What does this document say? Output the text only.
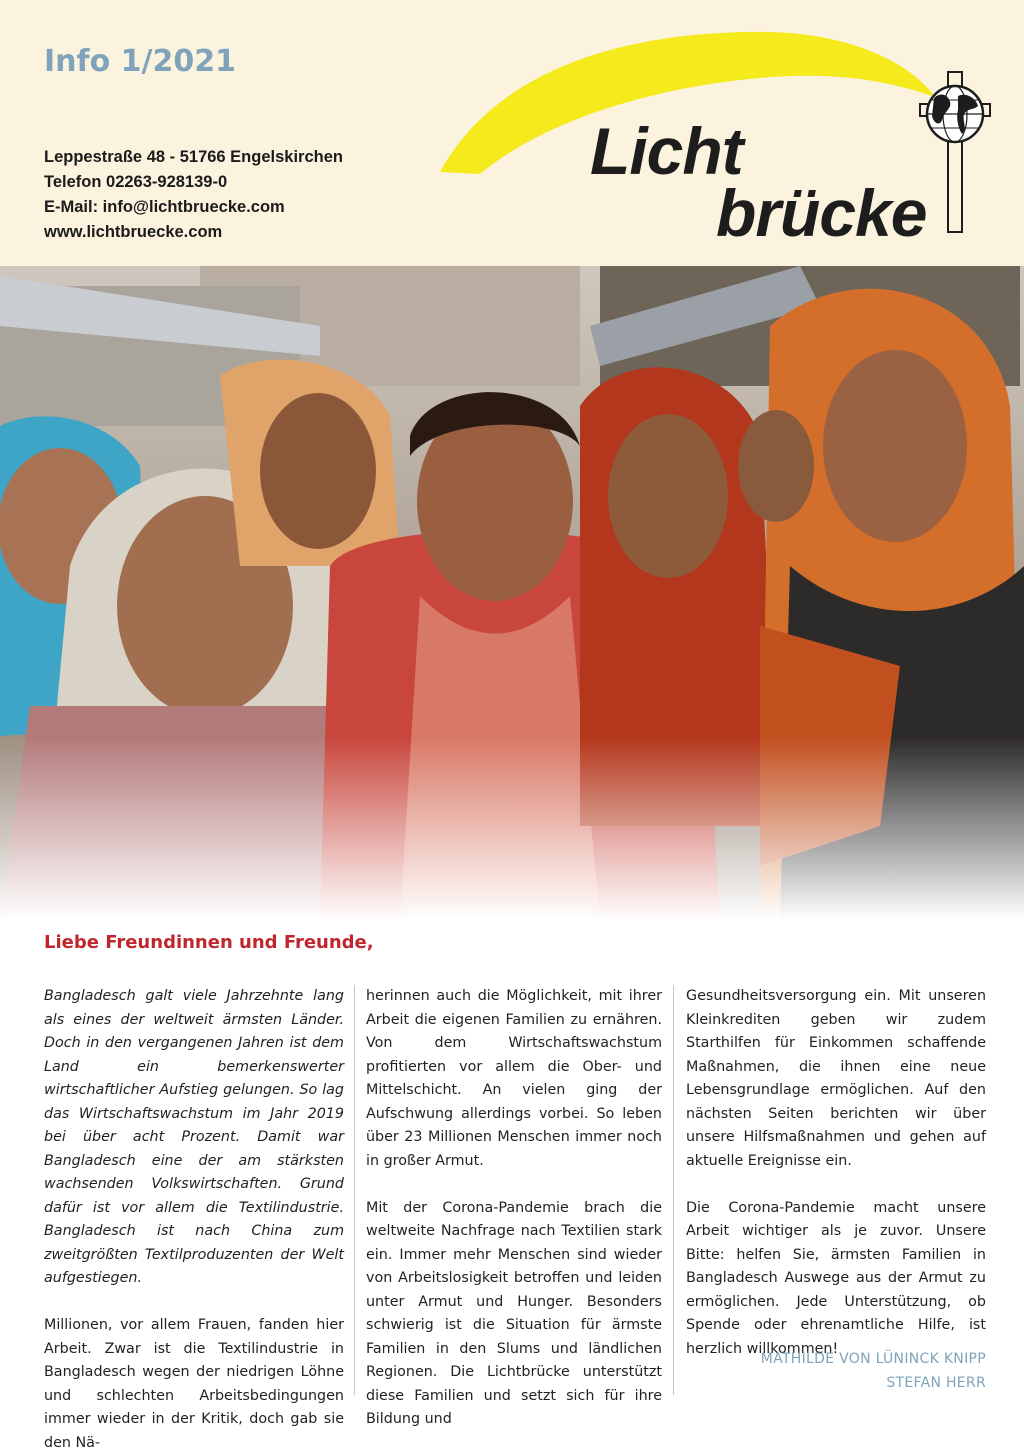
Info 1/2021
Leppestraße 48 - 51766 Engelskirchen
Telefon 02263-928139-0
E-Mail: info@lichtbruecke.com
www.lichtbruecke.com
Licht
brücke
Liebe Freundinnen und Freunde,

Bangladesch galt viele Jahrzehnte lang als eines der weltweit ärmsten Länder. Doch in den vergangenen Jahren ist dem Land ein bemerkenswerter wirtschaftlicher Aufstieg gelungen. So lag das Wirtschaftswachstum im Jahr 2019 bei über acht Prozent. Damit war Bangladesch eine der am stärksten wachsenden Volkswirtschaften. Grund dafür ist vor allem die Textilindustrie. Bangladesch ist nach China zum zweitgrößten Textilproduzenten der Welt aufgestiegen.

Millionen, vor allem Frauen, fanden hier Arbeit. Zwar ist die Textilindustrie in Bangladesch wegen der niedrigen Löhne und schlechten Arbeitsbedingungen immer wieder in der Kritik, doch gab sie den Nä-

herinnen auch die Möglichkeit, mit ihrer Arbeit die eigenen Familien zu ernähren. Von dem Wirtschaftswachstum profitierten vor allem die Ober- und Mittelschicht. An vielen ging der Aufschwung allerdings vorbei. So leben über 23 Millionen Menschen immer noch in großer Armut.

Mit der Corona-Pandemie brach die weltweite Nachfrage nach Textilien stark ein. Immer mehr Menschen sind wieder von Arbeitslosigkeit betroffen und leiden unter Armut und Hunger. Besonders schwierig ist die Situation für ärmste Familien in den Slums und ländlichen Regionen. Die Lichtbrücke unterstützt diese Familien und setzt sich für ihre Bildung und

Gesundheitsversorgung ein. Mit unseren Kleinkrediten geben wir zudem Starthilfen für Einkommen schaffende Maßnahmen, die ihnen eine neue Lebensgrundlage ermöglichen. Auf den nächsten Seiten berichten wir über unsere Hilfsmaßnahmen und gehen auf aktuelle Ereignisse ein.

Die Corona-Pandemie macht unsere Arbeit wichtiger als je zuvor. Unsere Bitte: helfen Sie, ärmsten Familien in Bangladesch Auswege aus der Armut zu ermöglichen. Jede Unterstützung, ob Spende oder ehrenamtliche Hilfe, ist herzlich willkommen!

MATHILDE VON LÜNINCK KNIPP
STEFAN HERR
